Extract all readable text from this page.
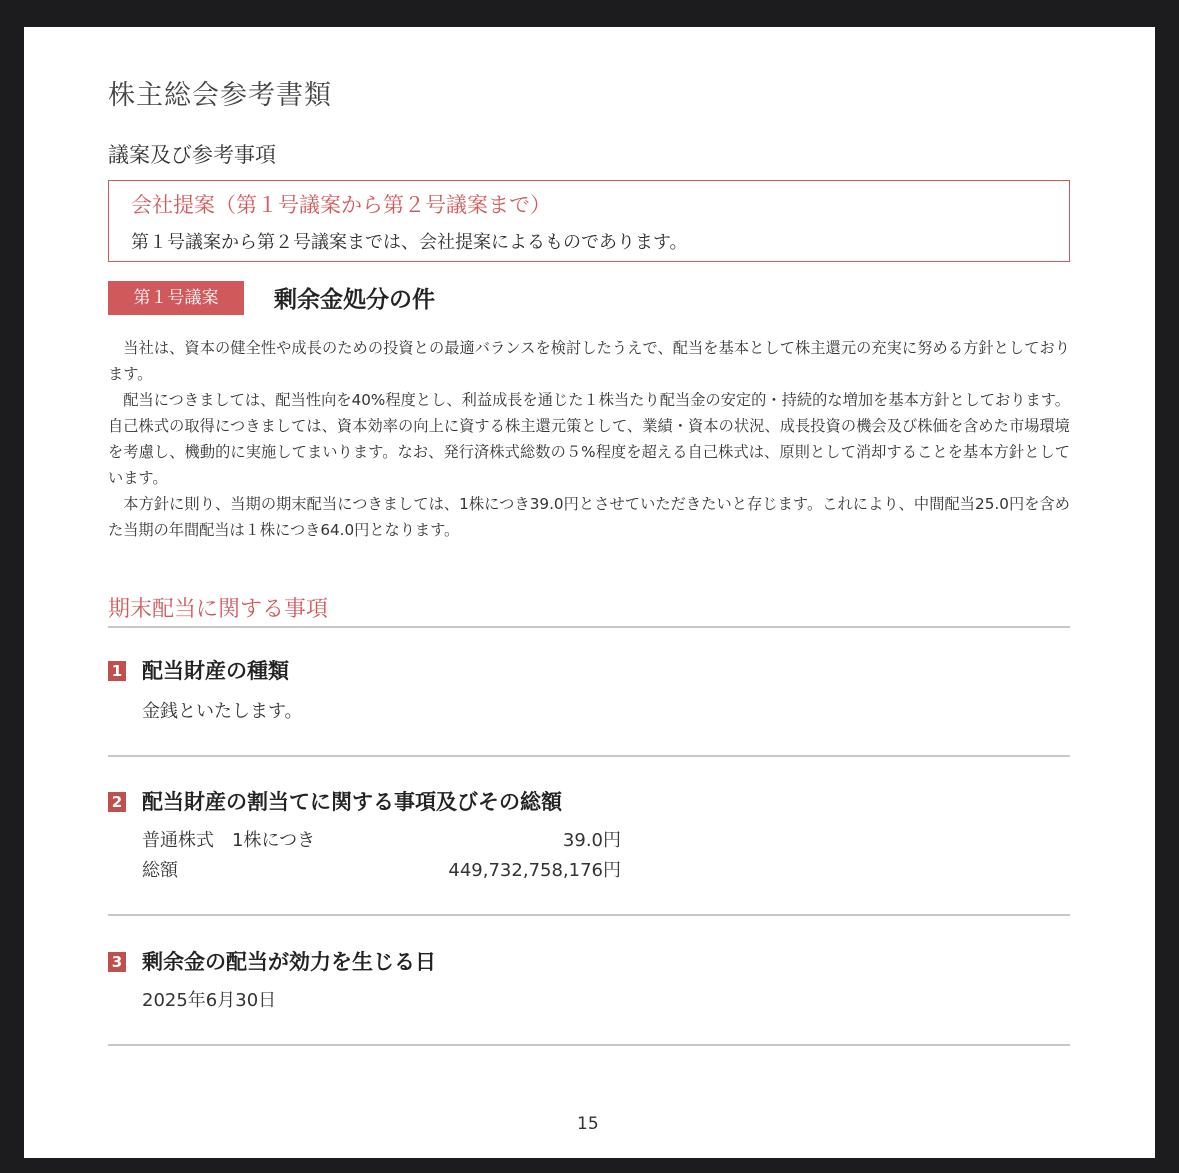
株主総会参考書類
議案及び参考事項
会社提案（第１号議案から第２号議案まで）
第１号議案から第２号議案までは、会社提案によるものであります。
第１号議案	剰余金処分の件
　当社は、資本の健全性や成長のための投資との最適バランスを検討したうえで、配当を基本として株主還元の充実に努める方針としております。
　配当につきましては、配当性向を40%程度とし、利益成長を通じた１株当たり配当金の安定的・持続的な増加を基本方針としております。自己株式の取得につきましては、資本効率の向上に資する株主還元策として、業績・資本の状況、成長投資の機会及び株価を含めた市場環境を考慮し、機動的に実施してまいります。なお、発行済株式総数の５%程度を超える自己株式は、原則として消却することを基本方針としています。
　本方針に則り、当期の期末配当につきましては、1株につき39.0円とさせていただきたいと存じます。これにより、中間配当25.0円を含めた当期の年間配当は１株につき64.0円となります。
期末配当に関する事項
1 配当財産の種類
金銭といたします。
2 配当財産の割当てに関する事項及びその総額
普通株式　1株につき	39.0円
総額	449,732,758,176円
3 剰余金の配当が効力を生じる日
2025年6月30日
15
